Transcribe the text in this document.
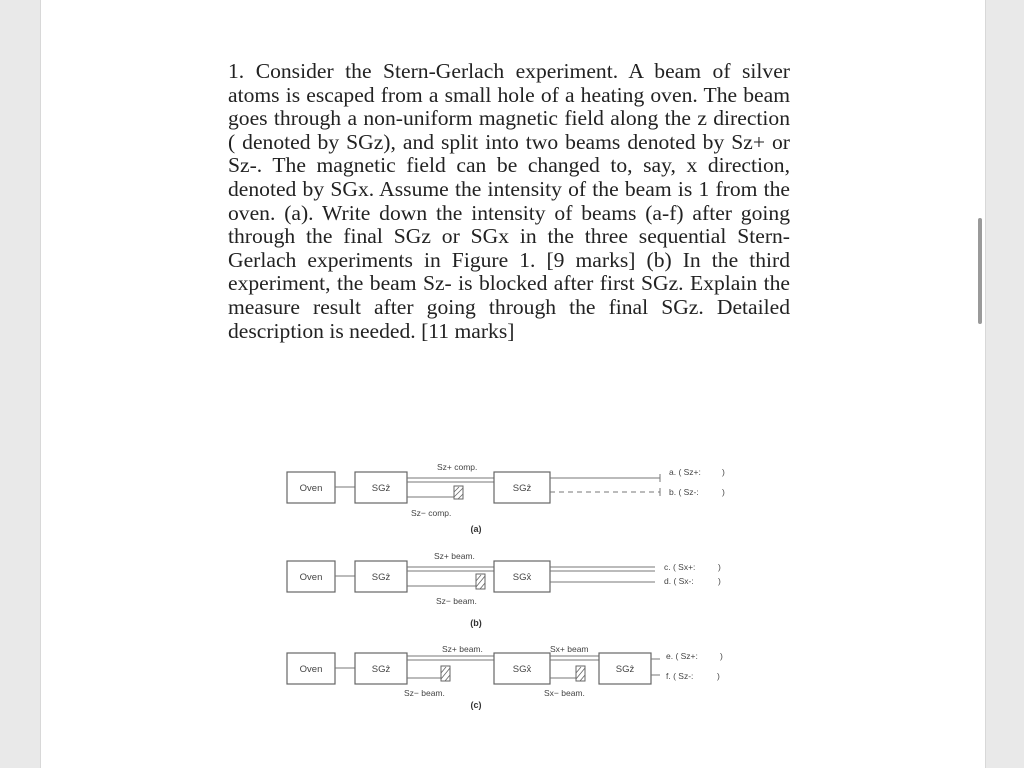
1. Consider the Stern-Gerlach experiment. A beam of silver atoms is escaped from a small hole of a heating oven. The beam goes through a non-uniform magnetic field along the z direction ( denoted by SGz), and split into two beams denoted by Sz+ or Sz-. The magnetic field can be changed to, say, x direction, denoted by SGx. Assume the intensity of the beam is 1 from the oven. (a). Write down the intensity of beams (a-f) after going through the final SGz or SGx in the three sequential Stern-Gerlach experiments in Figure 1. [9 marks] (b) In the third experiment, the beam Sz- is blocked after first SGz. Explain the measure result after going through the final SGz. Detailed description is needed. [11 marks]
Oven	SGẑ
Sz+ comp.
Sz− comp.
SGẑ
a. ( Sz+: )
b. ( Sz-:	)
(a)
Oven	SGẑ
Sz+ beam.
Sz− beam.
SGx̂
c. ( Sx+:	)
d. ( Sx-:	)
(b)
Oven	SGẑ
Sz+ beam.
Sz− beam.
SGx̂
Sx+ beam
Sx− beam.
SGẑ
e. ( Sz+:	)
f. ( Sz-:	)
(c)
